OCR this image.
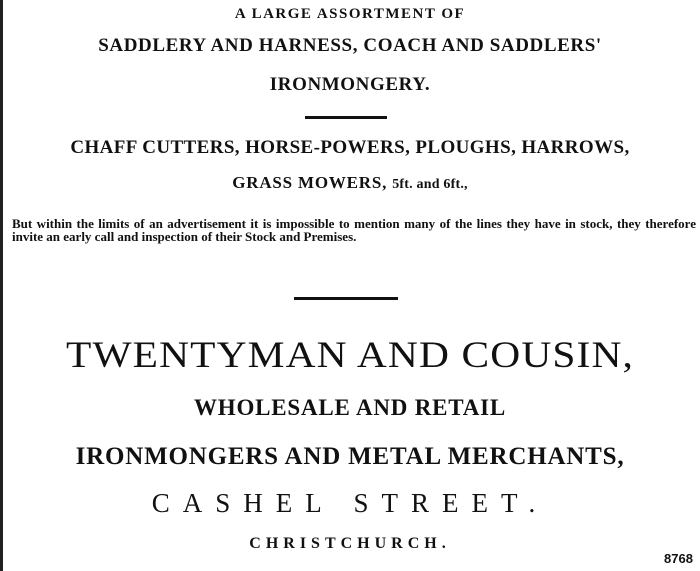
A LARGE ASSORTMENT OF
SADDLERY AND HARNESS, COACH AND SADDLERS'
IRONMONGERY.
CHAFF CUTTERS, HORSE-POWERS, PLOUGHS, HARROWS,
GRASS MOWERS, 5ft. and 6ft.,
But within the limits of an advertisement it is impossible to mention many of the lines they have in stock, they therefore invite an early call and inspection of their Stock and Premises.
TWENTYMAN AND COUSIN,
WHOLESALE AND RETAIL
IRONMONGERS AND METAL MERCHANTS,
CASHEL STREET.
CHRISTCHURCH.
8768
